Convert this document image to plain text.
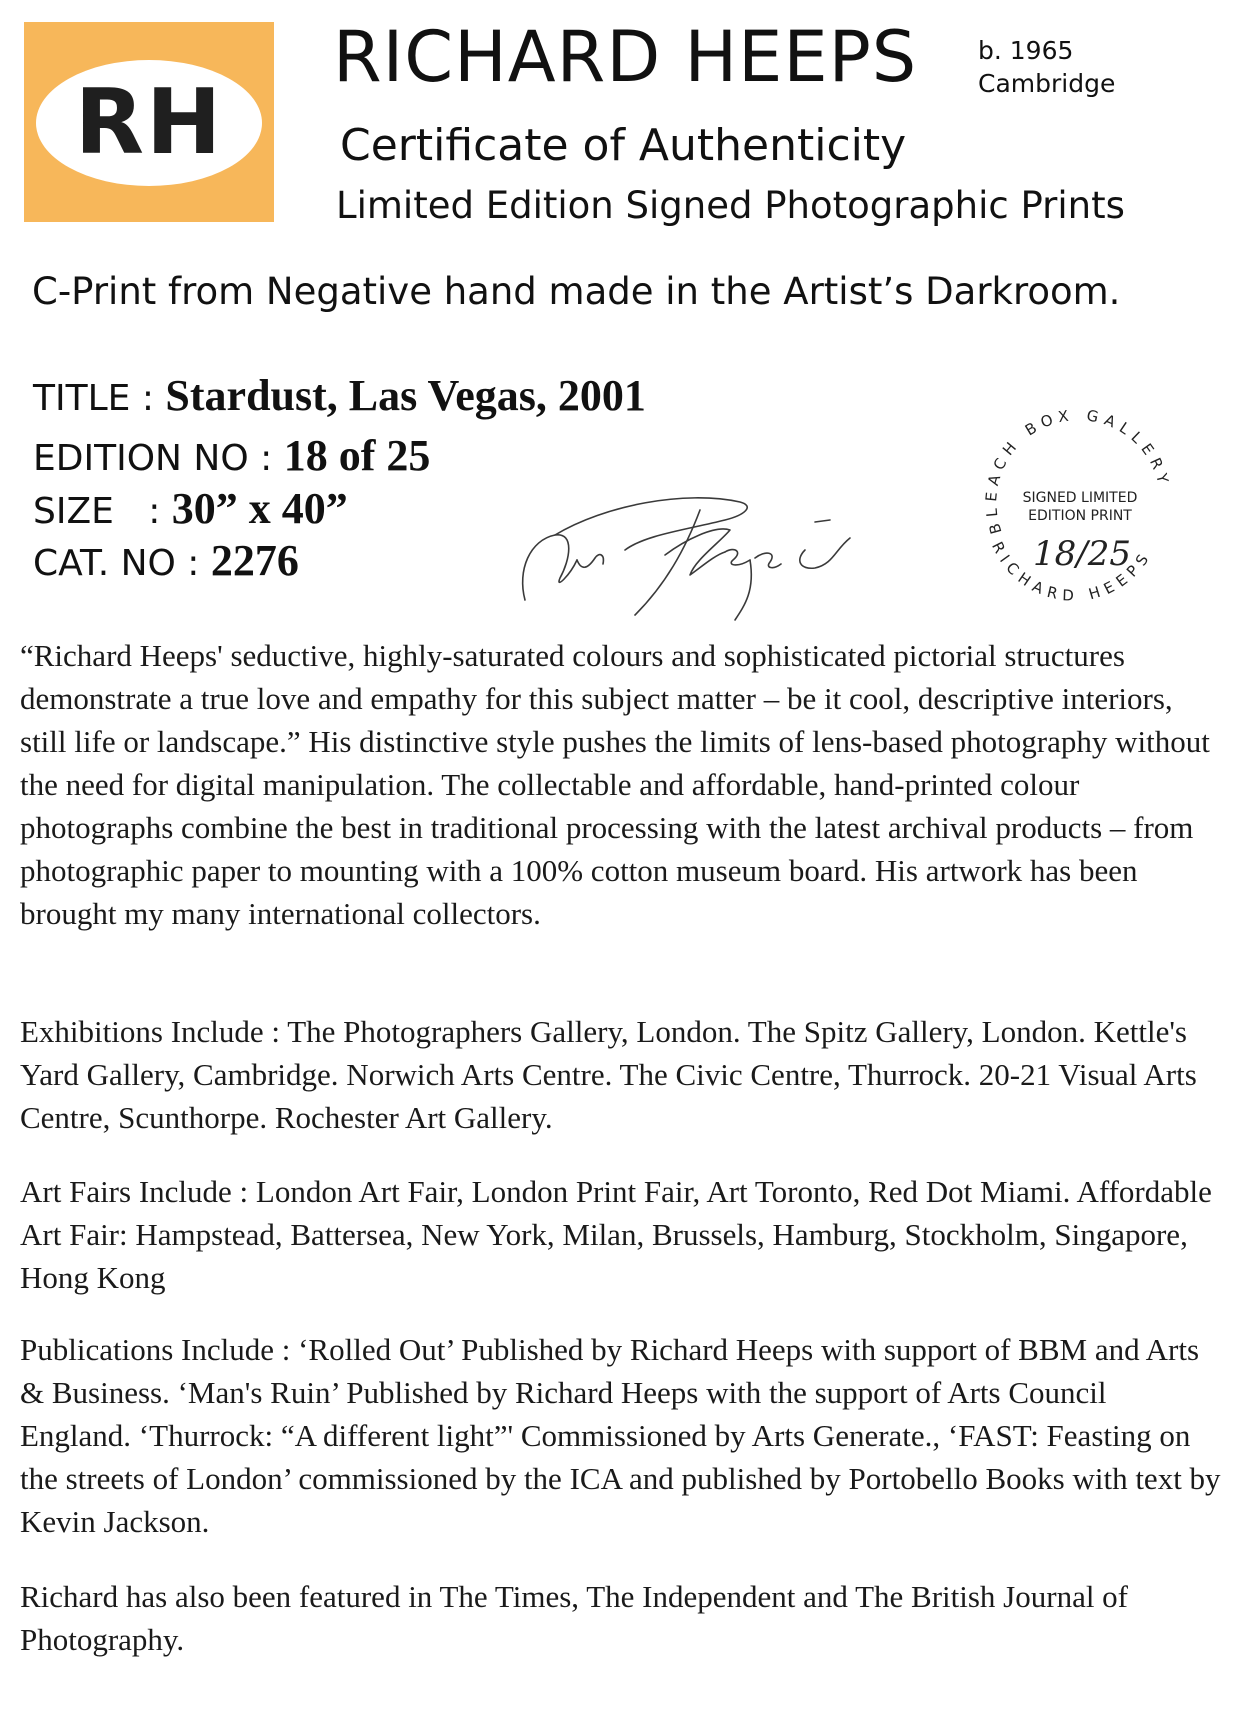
RH
RICHARD HEEPS b. 1965
Cambridge
Certificate of Authenticity
Limited Edition Signed Photographic Prints
C-Print from Negative hand made in the Artist’s Darkroom.
TITLE : Stardust, Las Vegas, 2001
EDITION NO : 18 of 25
SIZE   : 30” x 40”
CAT. NO : 2276
BLEACH BOX GALLERY
RICHARD HEEPS
SIGNED LIMITED
EDITION PRINT
18/25

“Richard Heeps' seductive, highly-saturated colours and sophisticated pictorial structures demonstrate a true love and empathy for this subject matter – be it cool, descriptive interiors, still life or landscape.” His distinctive style pushes the limits of lens-based photography without the need for digital manipulation. The collectable and affordable, hand-printed colour photographs combine the best in traditional processing with the latest archival products – from photographic paper to mounting with a 100% cotton museum board. His artwork has been brought my many international collectors.

Exhibitions Include : The Photographers Gallery, London. The Spitz Gallery, London. Kettle's Yard Gallery, Cambridge. Norwich Arts Centre. The Civic Centre, Thurrock. 20-21 Visual Arts Centre, Scunthorpe. Rochester Art Gallery.

Art Fairs Include : London Art Fair, London Print Fair, Art Toronto, Red Dot Miami. Affordable Art Fair: Hampstead, Battersea, New York, Milan, Brussels, Hamburg, Stockholm, Singapore, Hong Kong

Publications Include : ‘Rolled Out’ Published by Richard Heeps with support of BBM and Arts & Business. ‘Man's Ruin’ Published by Richard Heeps with the support of Arts Council England. ‘Thurrock: “A different light”' Commissioned by Arts Generate., ‘FAST: Feasting on the streets of London’ commissioned by the ICA and published by Portobello Books with text by Kevin Jackson.

Richard has also been featured in The Times, The Independent and The British Journal of Photography.
